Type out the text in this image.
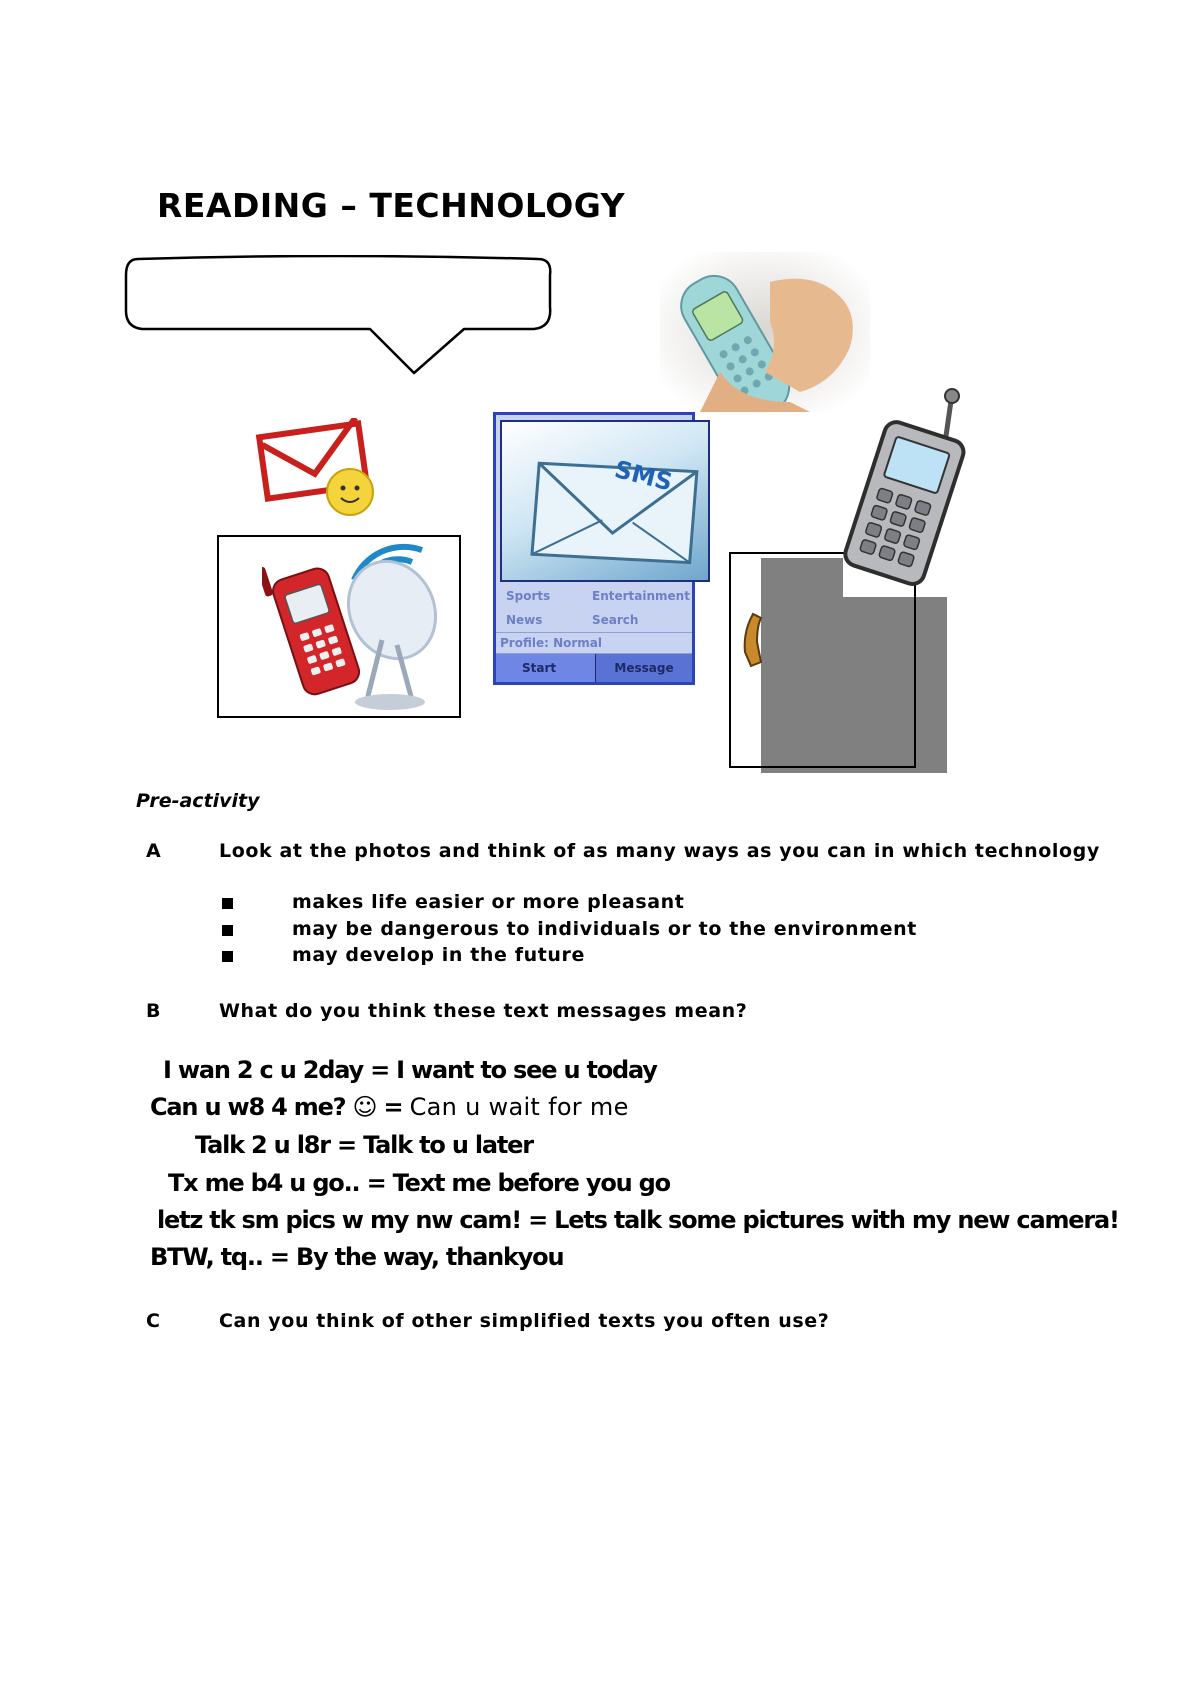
READING – TECHNOLOGY
Sports	Entertainment
News	Search
Profile: Normal
Start	Message
SMS
Pre-activity
A	Look at the photos and think of as many ways as you can in which technology
makes life easier or more pleasant
may be dangerous to individuals or to the environment
may develop in the future
B	What do you think these text messages mean?
I wan 2 c u 2day = I want to see u today
Can u w8 4 me? ☺ = Can u wait for me
Talk 2 u l8r = Talk to u later
Tx me b4 u go.. = Text me before you go
letz tk sm pics w my nw cam! = Lets talk some pictures with my new camera!
BTW, tq.. = By the way, thankyou
C	Can you think of other simplified texts you often use?
